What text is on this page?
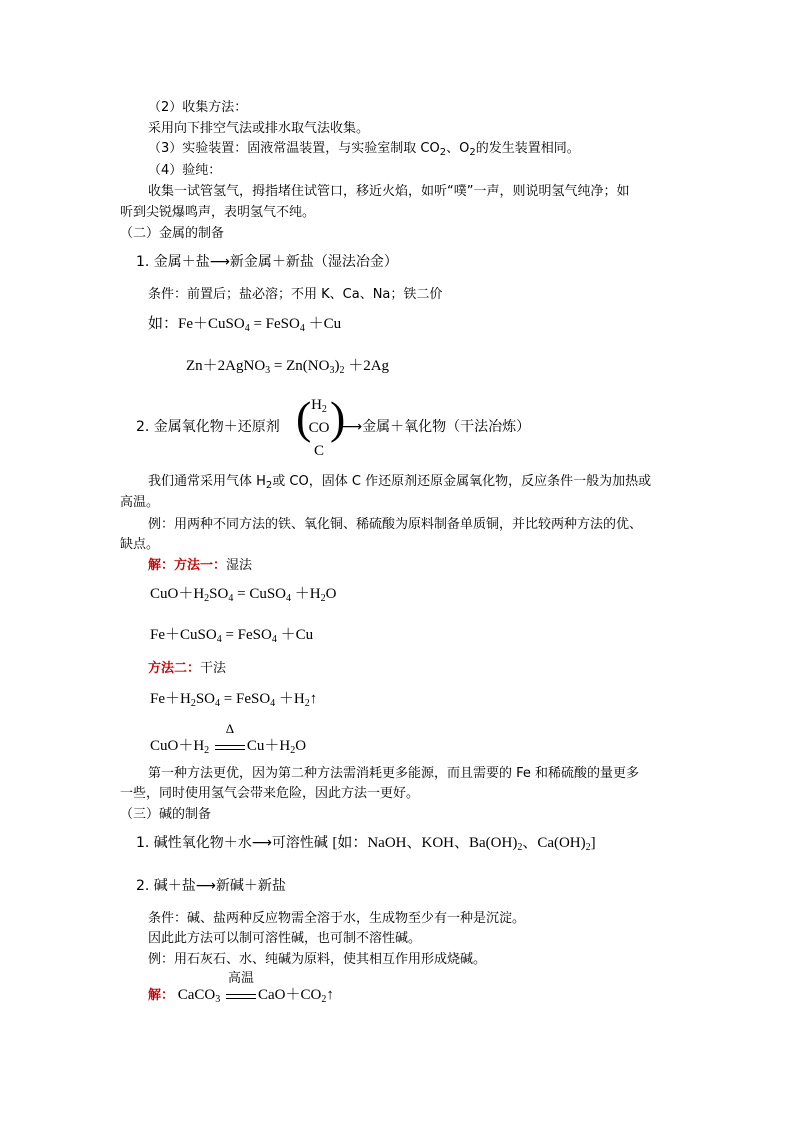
（2）收集方法：
采用向下排空气法或排水取气法收集。
（3）实验装置：固液常温装置，与实验室制取 $CO_2$、$O_2$的发生装置相同。
（4）验纯：
收集一试管氢气，拇指堵住试管口，移近火焰，如听“噗”一声，则说明氢气纯净；如
听到尖锐爆鸣声，表明氢气不纯。
（二）金属的制备
1. 金属＋盐⟶新金属＋新盐（湿法冶金）
条件：前置后；盐必溶；不用 K、Ca、Na；铁二价
如：Fe＋CuSO$_4$ = FeSO$_4$ ＋Cu
Zn＋2AgNO$_3$ = $Zn(NO_3)_2 +2Ag$
2. 金属氧化物＋还原剂 ( $H_2$
CO
C
)
⟶金属＋氧化物（干法冶炼）
我们通常采用气体 $H_2$或 CO，固体 C 作还原剂还原金属氧化物，反应条件一般为加热或
高温。
例：用两种不同方法的铁、氧化铜、稀硫酸为原料制备单质铜，并比较两种方法的优、
缺点。
解：方法一：湿法
$CuO+H_2SO_4$ = CuSO$_4$ $+H_2O$
Fe＋CuSO$_4$ = FeSO$_4$ ＋Cu
方法二：干法
$Fe+H_2SO_4$ = FeSO$_4$ $+H_2↑$
$CuO+H_2$
Δ
$Cu+H_2O$
第一种方法更优，因为第二种方法需消耗更多能源，而且需要的 Fe 和稀硫酸的量更多
一些，同时使用氢气会带来危险，因此方法一更好。
（三）碱的制备
1. 碱性氧化物＋水⟶可溶性碱 [如：NaOH、KOH、$Ba(OH)_2$、$Ca(OH)_2$]
2. 碱＋盐⟶新碱＋新盐
条件：碱、盐两种反应物需全溶于水，生成物至少有一种是沉淀。
因此此方法可以制可溶性碱，也可制不溶性碱。
例：用石灰石、水、纯碱为原料，使其相互作用形成烧碱。
解： CaCO$_3$
高温
$CaO+CO_2↑$
